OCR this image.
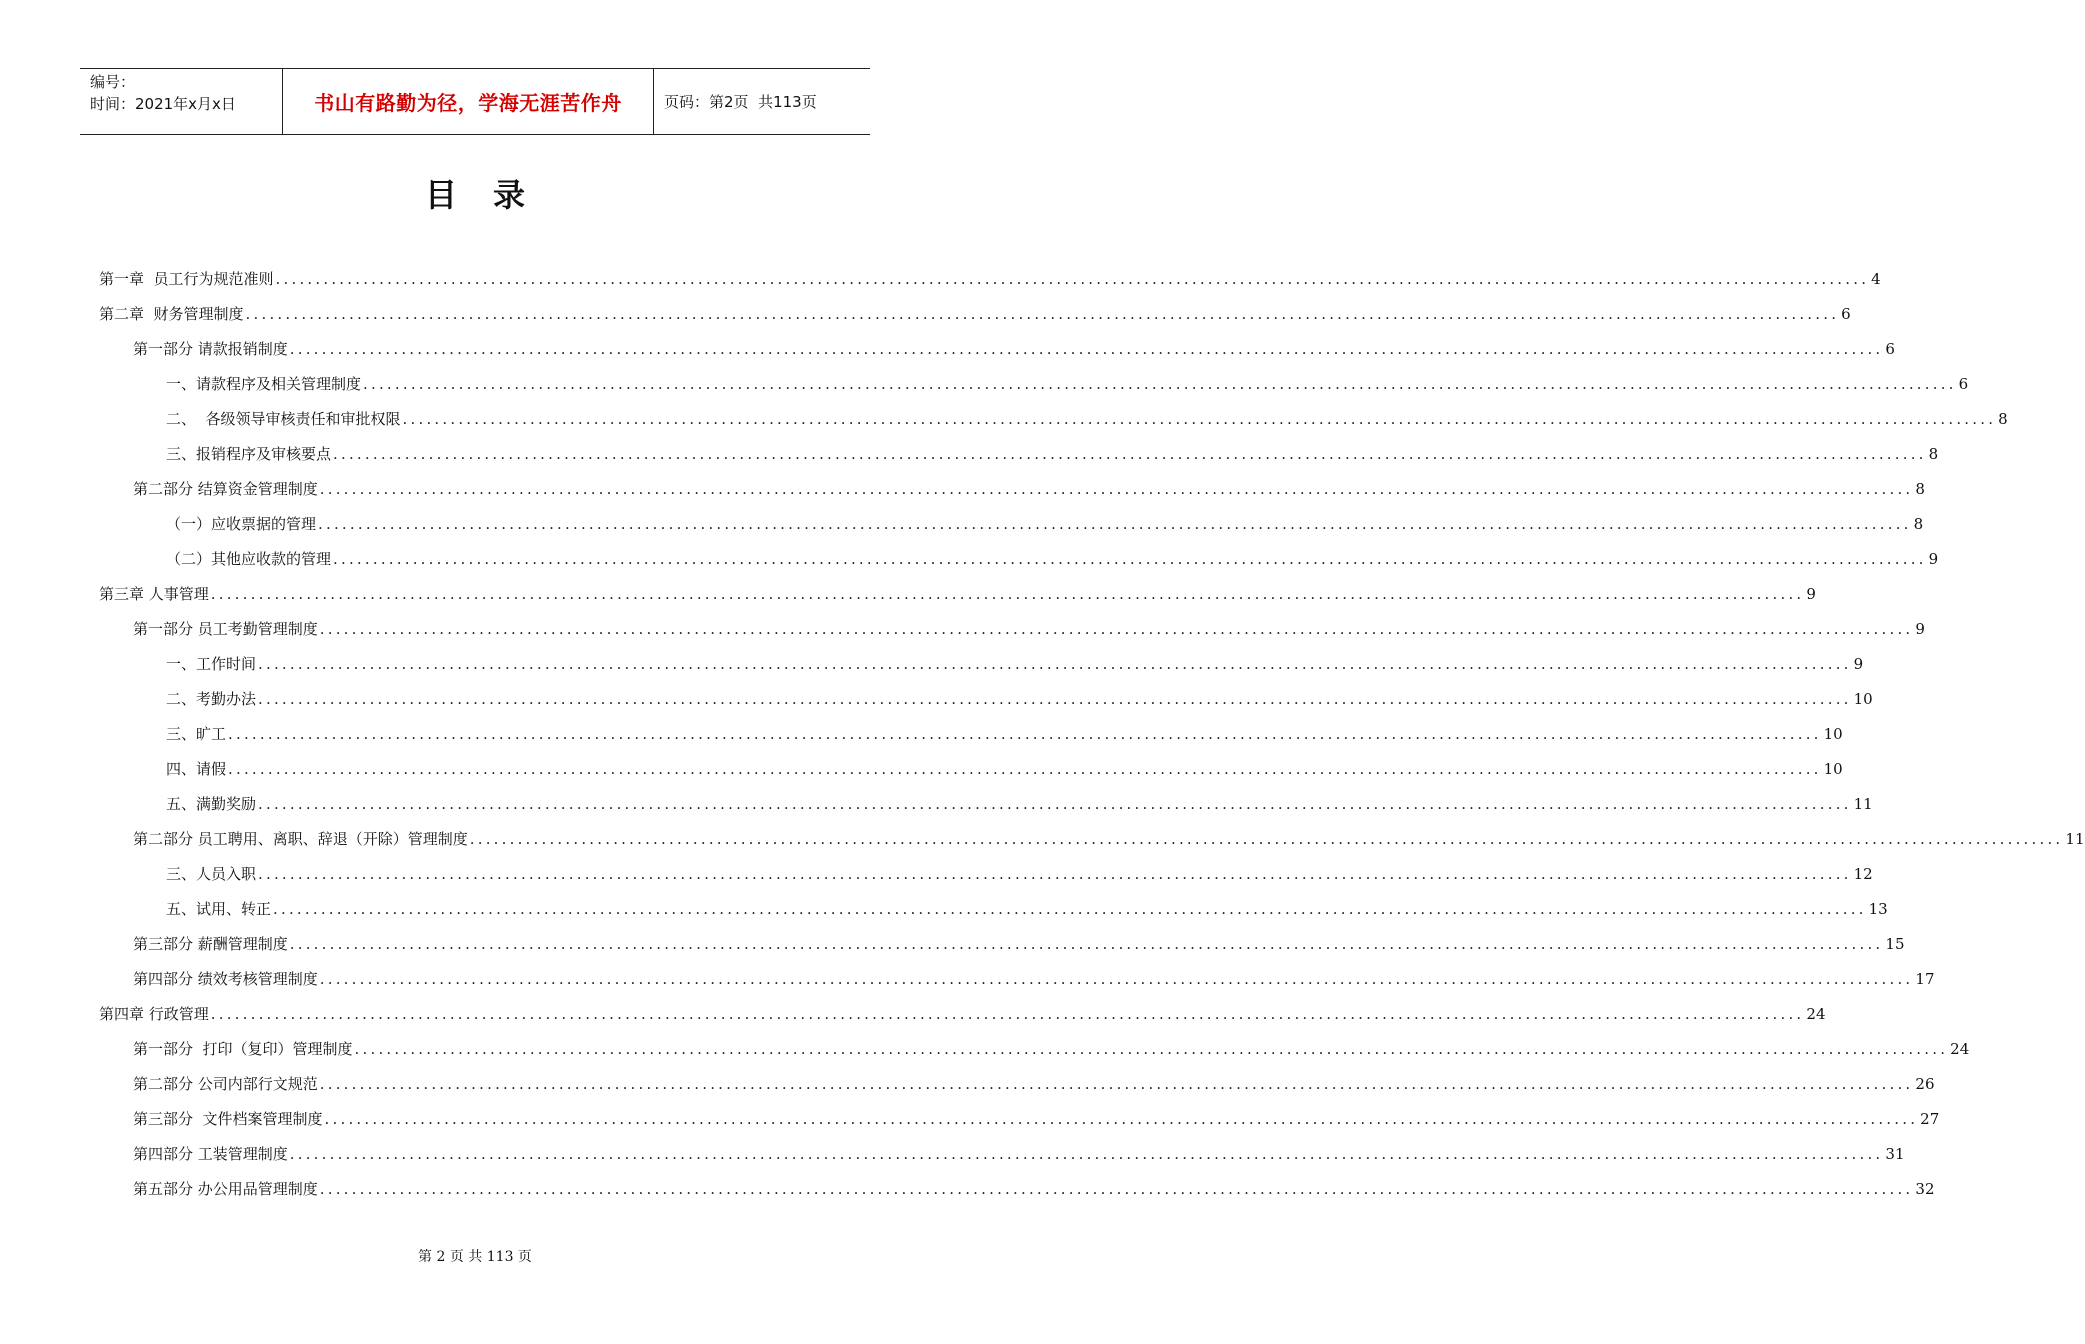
编号：
时间：2021年x月x日	书山有路勤为径，学海无涯苦作舟	页码：第2页  共113页
目录
第一章  员工行为规范准则 ........................................................................................................................................................................................................ 4
第二章  财务管理制度 ........................................................................................................................................................................................................ 6
第一部分 请款报销制度 ........................................................................................................................................................................................................ 6
一、请款程序及相关管理制度 ........................................................................................................................................................................................................ 6
二、  各级领导审核责任和审批权限 ........................................................................................................................................................................................................ 8
三、报销程序及审核要点 ........................................................................................................................................................................................................ 8
第二部分 结算资金管理制度 ........................................................................................................................................................................................................ 8
（一）应收票据的管理 ........................................................................................................................................................................................................ 8
（二）其他应收款的管理 ........................................................................................................................................................................................................ 9
第三章 人事管理 ........................................................................................................................................................................................................ 9
第一部分 员工考勤管理制度 ........................................................................................................................................................................................................ 9
一、工作时间 ........................................................................................................................................................................................................ 9
二、考勤办法 ........................................................................................................................................................................................................ 10
三、旷工 ........................................................................................................................................................................................................ 10
四、请假 ........................................................................................................................................................................................................ 10
五、满勤奖励 ........................................................................................................................................................................................................ 11
第二部分 员工聘用、离职、辞退（开除）管理制度 ........................................................................................................................................................................................................ 11
三、人员入职 ........................................................................................................................................................................................................ 12
五、试用、转正 ........................................................................................................................................................................................................ 13
第三部分 薪酬管理制度 ........................................................................................................................................................................................................ 15
第四部分 绩效考核管理制度 ........................................................................................................................................................................................................ 17
第四章 行政管理 ........................................................................................................................................................................................................ 24
第一部分  打印（复印）管理制度 ........................................................................................................................................................................................................ 24
第二部分 公司内部行文规范 ........................................................................................................................................................................................................ 26
第三部分  文件档案管理制度 ........................................................................................................................................................................................................ 27
第四部分 工装管理制度 ........................................................................................................................................................................................................ 31
第五部分 办公用品管理制度 ........................................................................................................................................................................................................ 32
第 2 页 共 113 页
